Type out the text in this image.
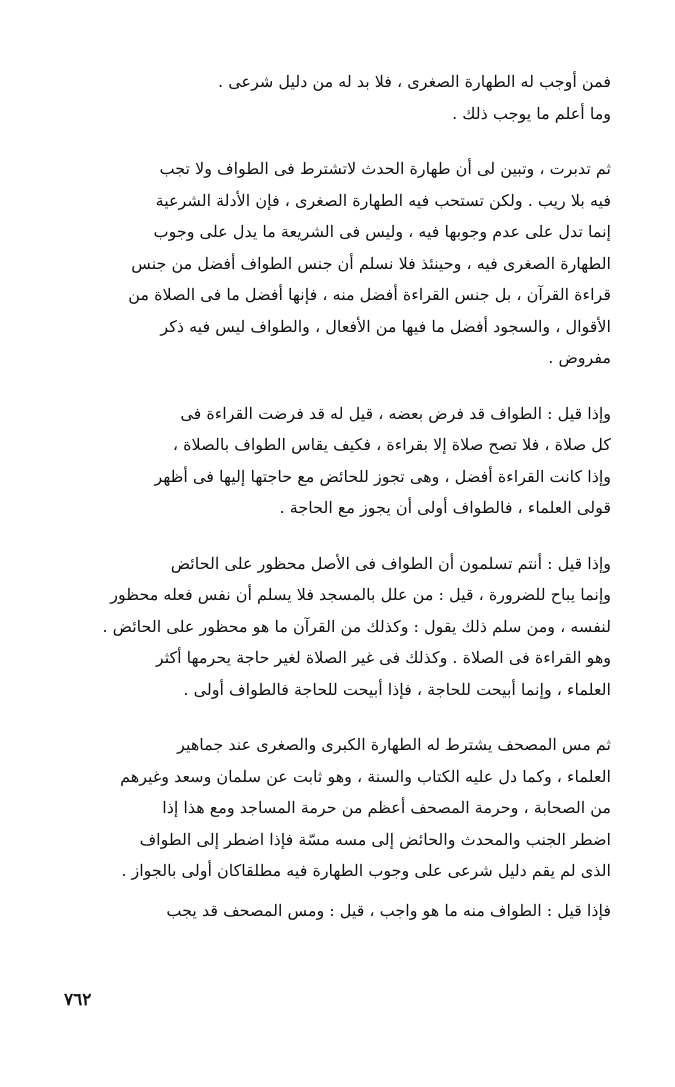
فمن أوجب له الطهارة الصغرى ، فلا بد له من دليل شرعى .
وما أعلم ما يوجب ذلك .
ثم تدبرت ، وتبين لى أن طهارة الحدث لاتشترط فى الطواف ولا تجب
فيه بلا ريب . ولكن تستحب فيه الطهارة الصغرى ، فإن الأدلة الشرعية
إنما تدل على عدم وجوبها فيه ، وليس فى الشريعة ما يدل على وجوب
الطهارة الصغرى فيه ، وحينئذ فلا نسلم أن جنس الطواف أفضل من جنس
قراءة القرآن ، بل جنس القراءة أفضل منه ، فإنها أفضل ما فى الصلاة من
الأقوال ، والسجود أفضل ما فيها من الأفعال ، والطواف ليس فيه ذكر
مفروض .
وإذا قيل : الطواف قد فرض بعضه ، قيل له قد فرضت القراءة فى
كل صلاة ، فلا تصح صلاة إلا بقراءة ، فكيف يقاس الطواف بالصلاة ،
وإذا كانت القراءة أفضل ، وهى تجوز للحائض مع حاجتها إليها فى أظهر
قولى العلماء ، فالطواف أولى أن يجوز مع الحاجة .
وإذا قيل : أنتم تسلمون أن الطواف فى الأصل محظور على الحائض
وإنما يباح للضرورة ، قيل : من علل بالمسجد فلا يسلم أن نفس فعله محظور
لنفسه ، ومن سلم ذلك يقول : وكذلك من القرآن ما هو محظور على الحائض .
وهو القراءة فى الصلاة . وكذلك فى غير الصلاة لغير حاجة يحرمها أكثر
العلماء ، وإنما أبيحت للحاجة ، فإذا أبيحت للحاجة فالطواف أولى .
ثم مس المصحف يشترط له الطهارة الكبرى والصغرى عند جماهير
العلماء ، وكما دل عليه الكتاب والسنة ، وهو ثابت عن سلمان وسعد وغيرهم
من الصحابة ، وحرمة المصحف أعظم من حرمة المساجد ومع هذا إذا
اضطر الجنب والمحدث والحائض إلى مسه مسّة فإذا اضطر إلى الطواف
الذى لم يقم دليل شرعى على وجوب الطهارة فيه مطلقاكان أولى بالجواز .
فإذا قيل : الطواف منه ما هو واجب ، قيل : ومس المصحف قد يجب
٧٦٢
